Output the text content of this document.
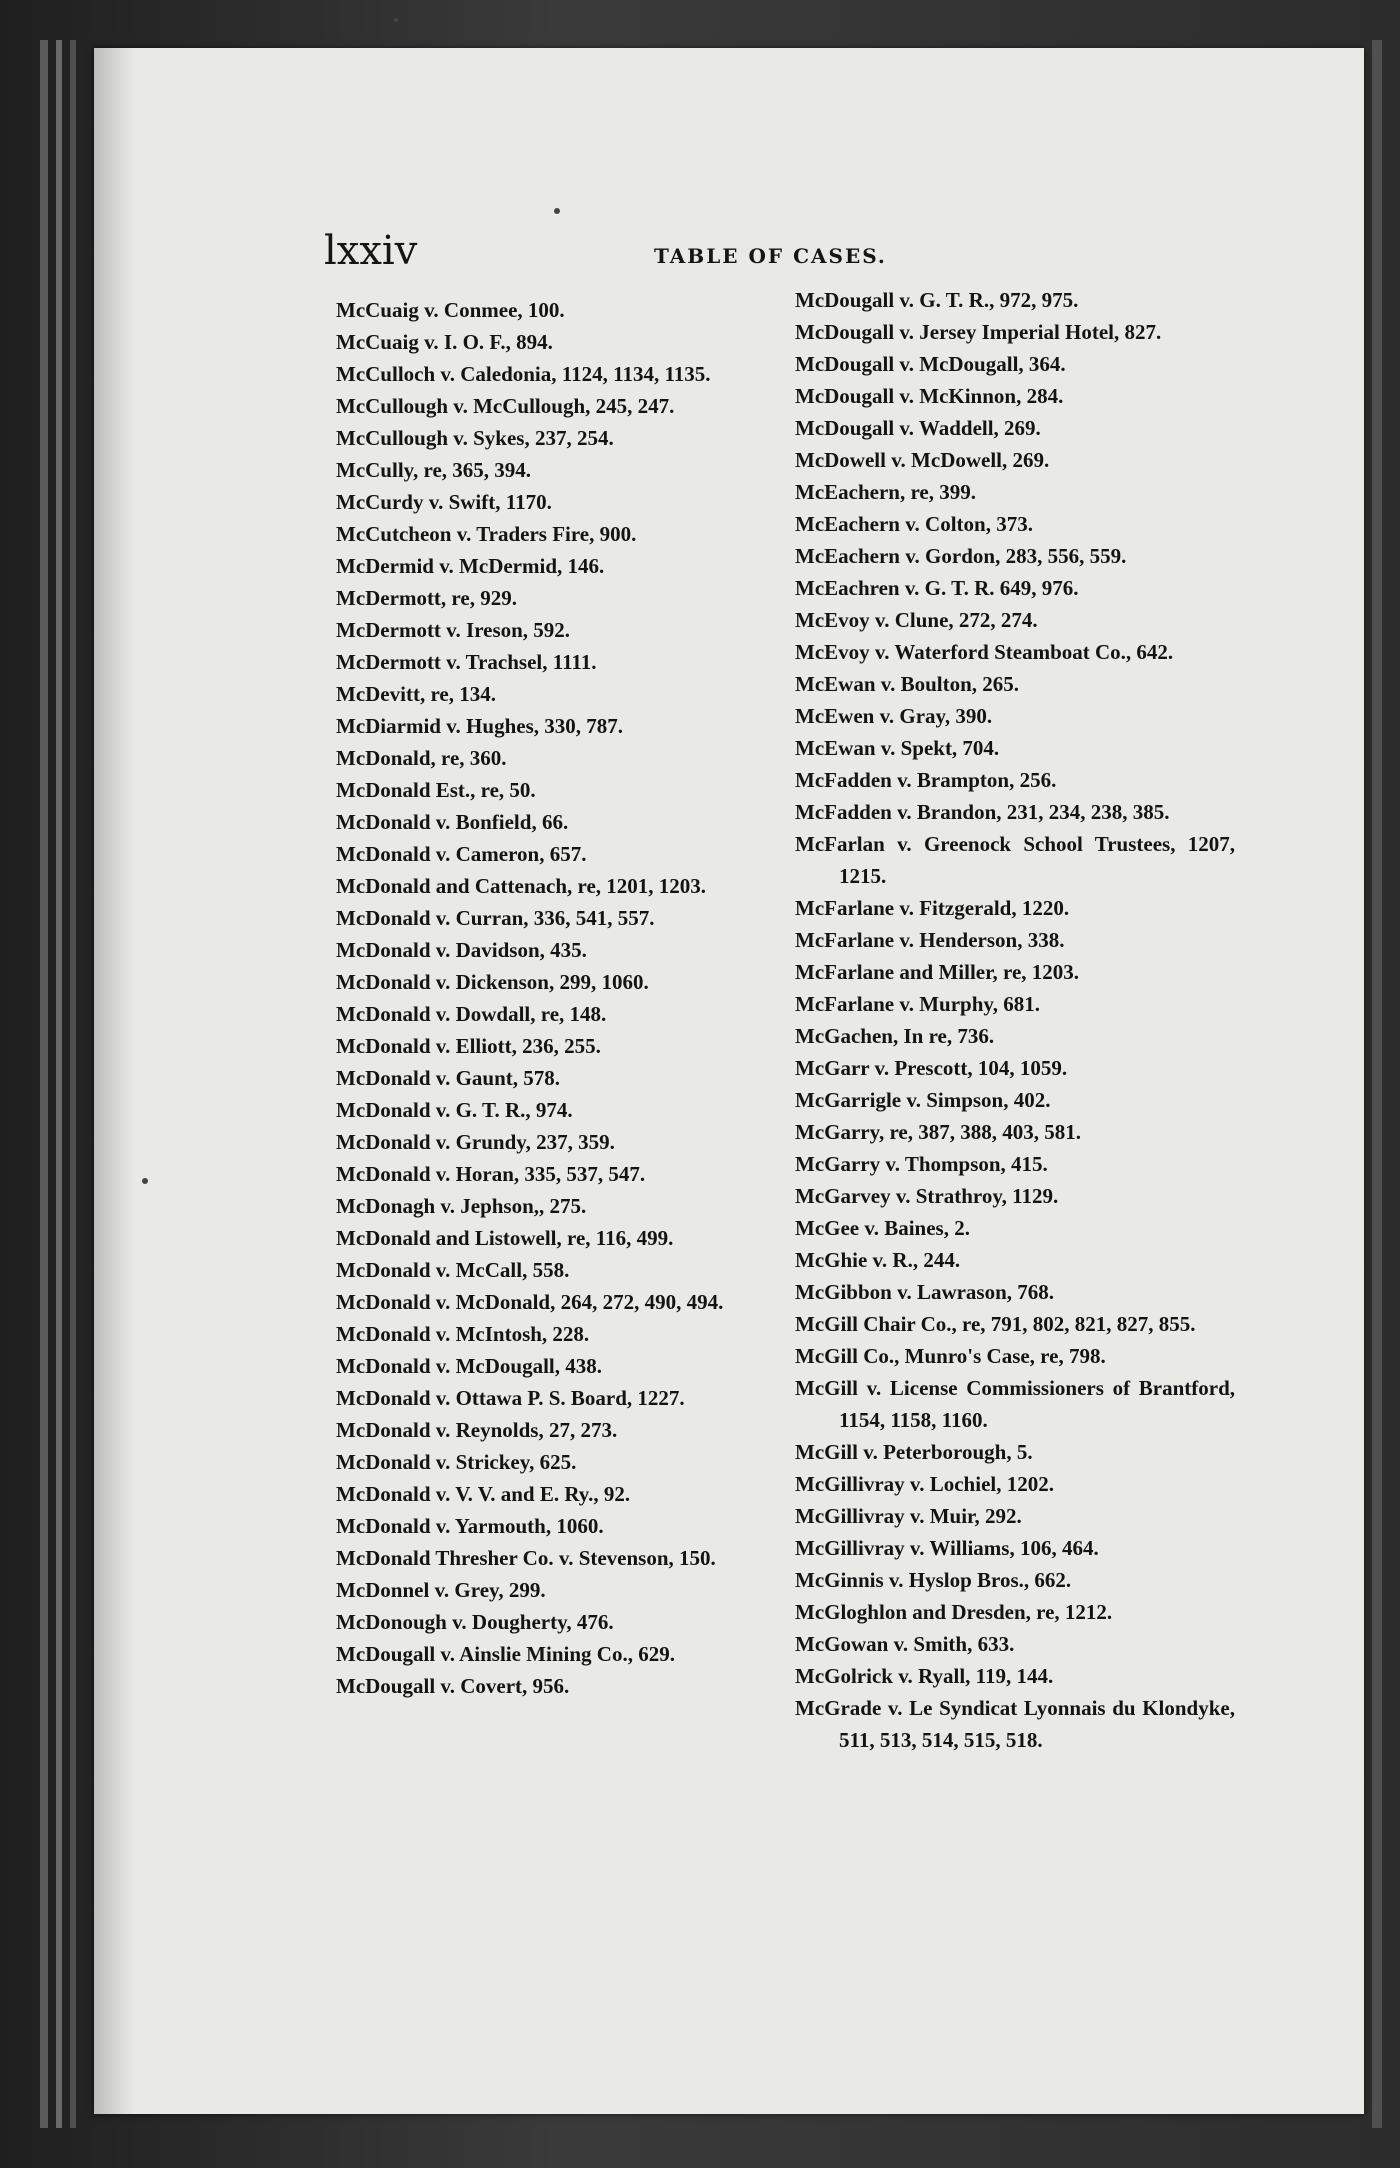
lxxiv	TABLE OF CASES.

McCuaig v. Conmee, 100.

McCuaig v. I. O. F., 894.

McCulloch v. Caledonia, 1124, 1134, 1135.

McCullough v. McCullough, 245, 247.

McCullough v. Sykes, 237, 254.

McCully, re, 365, 394.

McCurdy v. Swift, 1170.

McCutcheon v. Traders Fire, 900.

McDermid v. McDermid, 146.

McDermott, re, 929.

McDermott v. Ireson, 592.

McDermott v. Trachsel, 1111.

McDevitt, re, 134.

McDiarmid v. Hughes, 330, 787.

McDonald, re, 360.

McDonald Est., re, 50.

McDonald v. Bonfield, 66.

McDonald v. Cameron, 657.

McDonald and Cattenach, re, 1201, 1203.

McDonald v. Curran, 336, 541, 557.

McDonald v. Davidson, 435.

McDonald v. Dickenson, 299, 1060.

McDonald v. Dowdall, re, 148.

McDonald v. Elliott, 236, 255.

McDonald v. Gaunt, 578.

McDonald v. G. T. R., 974.

McDonald v. Grundy, 237, 359.

McDonald v. Horan, 335, 537, 547.

McDonagh v. Jephson,, 275.

McDonald and Listowell, re, 116, 499.

McDonald v. McCall, 558.

McDonald v. McDonald, 264, 272, 490, 494.

McDonald v. McIntosh, 228.

McDonald v. McDougall, 438.

McDonald v. Ottawa P. S. Board, 1227.

McDonald v. Reynolds, 27, 273.

McDonald v. Strickey, 625.

McDonald v. V. V. and E. Ry., 92.

McDonald v. Yarmouth, 1060.

McDonald Thresher Co. v. Stevenson, 150.

McDonnel v. Grey, 299.

McDonough v. Dougherty, 476.

McDougall v. Ainslie Mining Co., 629.

McDougall v. Covert, 956.

McDougall v. G. T. R., 972, 975.

McDougall v. Jersey Imperial Hotel, 827.

McDougall v. McDougall, 364.

McDougall v. McKinnon, 284.

McDougall v. Waddell, 269.

McDowell v. McDowell, 269.

McEachern, re, 399.

McEachern v. Colton, 373.

McEachern v. Gordon, 283, 556, 559.

McEachren v. G. T. R. 649, 976.

McEvoy v. Clune, 272, 274.

McEvoy v. Waterford Steamboat Co., 642.

McEwan v. Boulton, 265.

McEwen v. Gray, 390.

McEwan v. Spekt, 704.

McFadden v. Brampton, 256.

McFadden v. Brandon, 231, 234, 238, 385.

McFarlan v. Greenock School Trustees, 1207, 1215.

McFarlane v. Fitzgerald, 1220.

McFarlane v. Henderson, 338.

McFarlane and Miller, re, 1203.

McFarlane v. Murphy, 681.

McGachen, In re, 736.

McGarr v. Prescott, 104, 1059.

McGarrigle v. Simpson, 402.

McGarry, re, 387, 388, 403, 581.

McGarry v. Thompson, 415.

McGarvey v. Strathroy, 1129.

McGee v. Baines, 2.

McGhie v. R., 244.

McGibbon v. Lawrason, 768.

McGill Chair Co., re, 791, 802, 821, 827, 855.

McGill Co., Munro's Case, re, 798.

McGill v. License Commissioners of Brantford, 1154, 1158, 1160.

McGill v. Peterborough, 5.

McGillivray v. Lochiel, 1202.

McGillivray v. Muir, 292.

McGillivray v. Williams, 106, 464.

McGinnis v. Hyslop Bros., 662.

McGloghlon and Dresden, re, 1212.

McGowan v. Smith, 633.

McGolrick v. Ryall, 119, 144.

McGrade v. Le Syndicat Lyonnais du Klondyke, 511, 513, 514, 515, 518.
